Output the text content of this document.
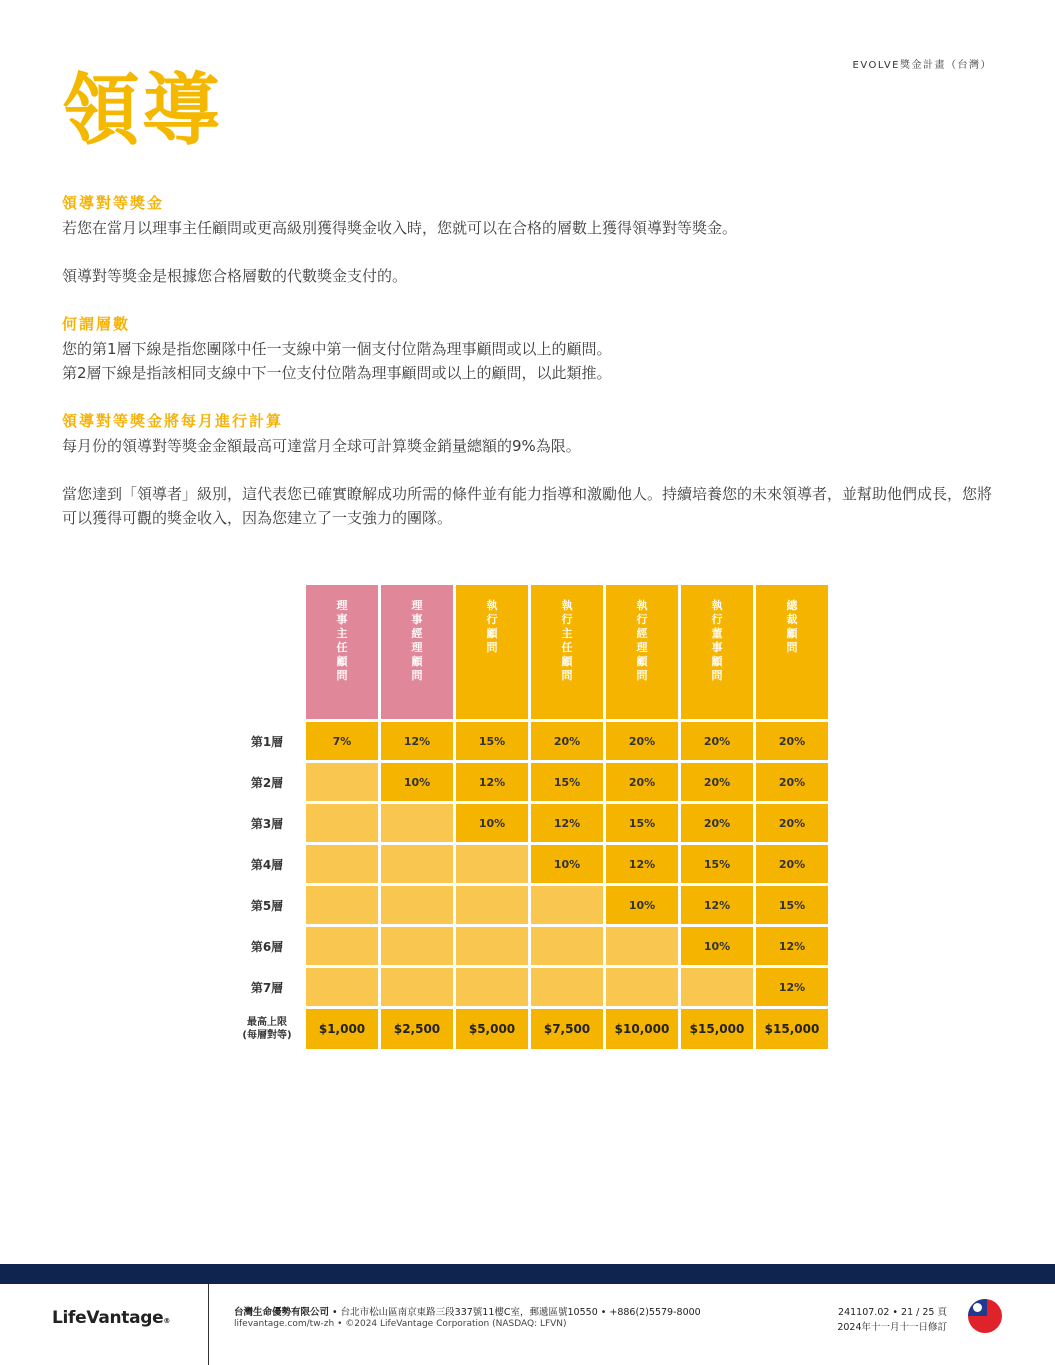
EVOLVE獎金計畫（台灣）
領導
領導對等獎金

若您在當月以理事主任顧問或更高級別獲得獎金收入時，您就可以在合格的層數上獲得領導對等獎金。

領導對等獎金是根據您合格層數的代數獎金支付的。

何謂層數

您的第1層下線是指您團隊中任一支線中第一個支付位階為理事顧問或以上的顧問。

第2層下線是指該相同支線中下一位支付位階為理事顧問或以上的顧問，以此類推。

領導對等獎金將每月進行計算

每月份的領導對等獎金金額最高可達當月全球可計算獎金銷量總額的9%為限。

當您達到「領導者」級別，這代表您已確實瞭解成功所需的條件並有能力指導和激勵他人。持續培養您的未來領導者，並幫助他們成長，您將可以獲得可觀的獎金收入，因為您建立了一支強力的團隊。

	理事主任顧問	理事經理顧問	執行顧問	執行主任顧問	執行經理顧問	執行董事顧問	總裁顧問
第1層	7%	12%	15%	20%	20%	20%	20%
第2層		10%	12%	15%	20%	20%	20%
第3層			10%	12%	15%	20%	20%
第4層				10%	12%	15%	20%
第5層					10%	12%	15%
第6層						10%	12%
第7層							12%

最高上限
(每層對等)	$1,000	$2,500	$5,000	$7,500	$10,000	$15,000	$15,000
LifeVantage®
台灣生命優勢有限公司 • 台北市松山區南京東路三段337號11樓C室，郵遞區號10550 • +886(2)5579-8000
lifevantage.com/tw-zh • ©2024 LifeVantage Corporation (NASDAQ: LFVN)
241107.02 • 21 / 25 頁
2024年十一月十一日修訂
